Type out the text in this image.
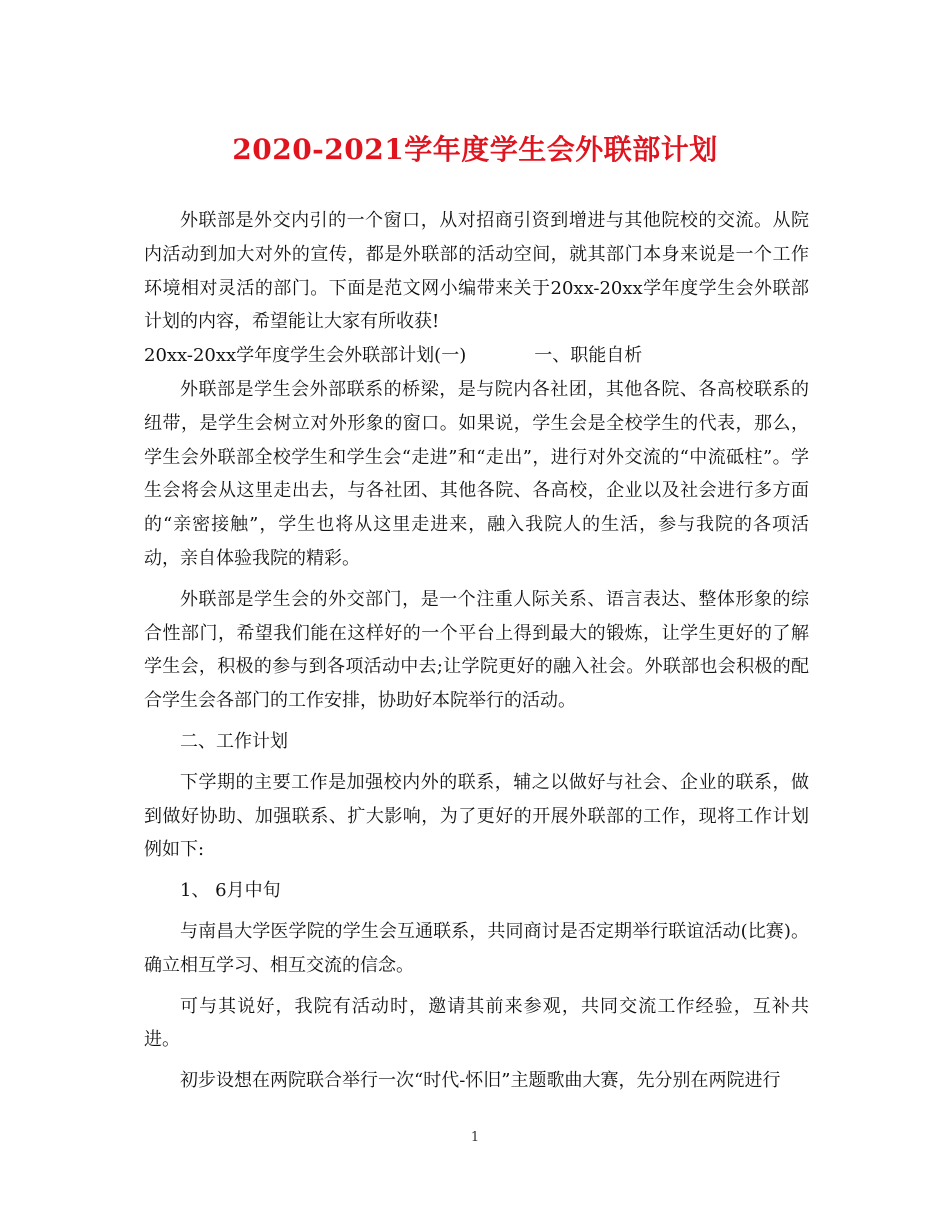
2020-2021学年度学生会外联部计划

外联部是外交内引的一个窗口，从对招商引资到增进与其他院校的交流。从院内活动到加大对外的宣传，都是外联部的活动空间，就其部门本身来说是一个工作环境相对灵活的部门。下面是范文网小编带来关于20xx-20xx学年度学生会外联部计划的内容，希望能让大家有所收获!

20xx-20xx学年度学生会外联部计划(一)	一、职能自析

外联部是学生会外部联系的桥梁，是与院内各社团，其他各院、各高校联系的纽带，是学生会树立对外形象的窗口。如果说，学生会是全校学生的代表，那么，学生会外联部全校学生和学生会“走进”和“走出”，进行对外交流的“中流砥柱”。学生会将会从这里走出去，与各社团、其他各院、各高校，企业以及社会进行多方面的“亲密接触”，学生也将从这里走进来，融入我院人的生活，参与我院的各项活动，亲自体验我院的精彩。

外联部是学生会的外交部门，是一个注重人际关系、语言表达、整体形象的综合性部门，希望我们能在这样好的一个平台上得到最大的锻炼，让学生更好的了解学生会，积极的参与到各项活动中去;让学院更好的融入社会。外联部也会积极的配合学生会各部门的工作安排，协助好本院举行的活动。

二、工作计划

下学期的主要工作是加强校内外的联系，辅之以做好与社会、企业的联系，做到做好协助、加强联系、扩大影响，为了更好的开展外联部的工作，现将工作计划例如下:

1、 6月中旬

与南昌大学医学院的学生会互通联系，共同商讨是否定期举行联谊活动(比赛)。确立相互学习、相互交流的信念。

可与其说好，我院有活动时，邀请其前来参观，共同交流工作经验，互补共进。

初步设想在两院联合举行一次“时代-怀旧”主题歌曲大赛，先分别在两院进行

1
